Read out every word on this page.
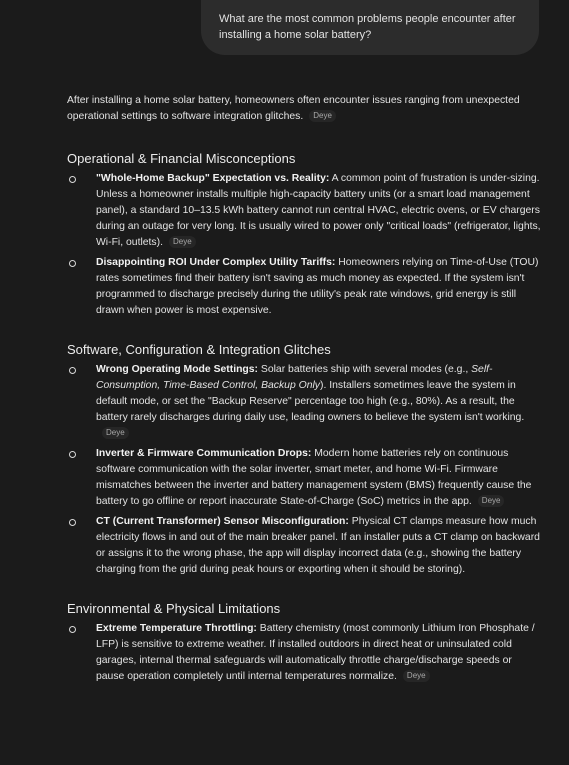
What are the most common problems people encounter after installing a home solar battery?

After installing a home solar battery, homeowners often encounter issues ranging from unexpected operational settings to software integration glitches. Deye

Operational & Financial Misconceptions
"Whole-Home Backup" Expectation vs. Reality: A common point of frustration is under-sizing. Unless a homeowner installs multiple high-capacity battery units (or a smart load management panel), a standard 10–13.5 kWh battery cannot run central HVAC, electric ovens, or EV chargers during an outage for very long. It is usually wired to power only "critical loads" (refrigerator, lights, Wi-Fi, outlets). Deye
Disappointing ROI Under Complex Utility Tariffs: Homeowners relying on Time-of-Use (TOU) rates sometimes find their battery isn't saving as much money as expected. If the system isn't programmed to discharge precisely during the utility's peak rate windows, grid energy is still drawn when power is most expensive.
Software, Configuration & Integration Glitches
Wrong Operating Mode Settings: Solar batteries ship with several modes (e.g., Self-Consumption, Time-Based Control, Backup Only). Installers sometimes leave the system in default mode, or set the "Backup Reserve" percentage too high (e.g., 80%). As a result, the battery rarely discharges during daily use, leading owners to believe the system isn't working.Deye
Inverter & Firmware Communication Drops: Modern home batteries rely on continuous software communication with the solar inverter, smart meter, and home Wi-Fi. Firmware mismatches between the inverter and battery management system (BMS) frequently cause the battery to go offline or report inaccurate State-of-Charge (SoC) metrics in the app. Deye
CT (Current Transformer) Sensor Misconfiguration: Physical CT clamps measure how much electricity flows in and out of the main breaker panel. If an installer puts a CT clamp on backward or assigns it to the wrong phase, the app will display incorrect data (e.g., showing the battery charging from the grid during peak hours or exporting when it should be storing).
Environmental & Physical Limitations
Extreme Temperature Throttling: Battery chemistry (most commonly Lithium Iron Phosphate / LFP) is sensitive to extreme weather. If installed outdoors in direct heat or uninsulated cold garages, internal thermal safeguards will automatically throttle charge/discharge speeds or pause operation completely until internal temperatures normalize. Deye
